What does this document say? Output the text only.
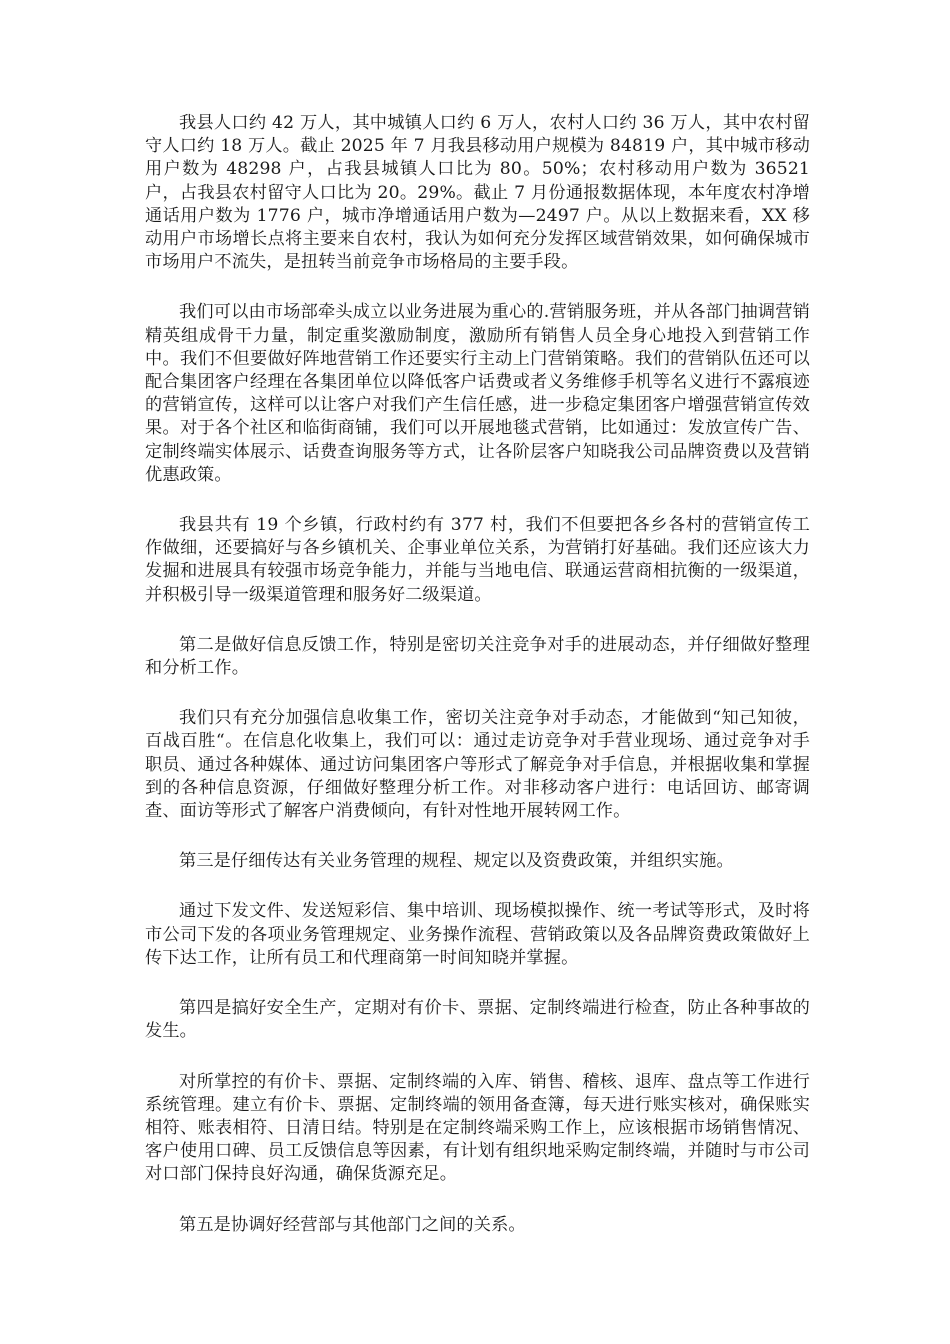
我县人口约 42 万人，其中城镇人口约 6 万人，农村人口约 36 万人，其中农村留守人口约 18 万人。截止 2025 年 7 月我县移动用户规模为 84819 户，其中城市移动用户数为 48298 户，占我县城镇人口比为 80。50%；农村移动用户数为 36521 户，占我县农村留守人口比为 20。29%。截止 7 月份通报数据体现，本年度农村净增通话用户数为 1776 户，城市净增通话用户数为—2497 户。从以上数据来看，XX 移动用户市场增长点将主要来自农村，我认为如何充分发挥区域营销效果，如何确保城市市场用户不流失，是扭转当前竞争市场格局的主要手段。

我们可以由市场部牵头成立以业务进展为重心的.营销服务班，并从各部门抽调营销精英组成骨干力量，制定重奖激励制度，激励所有销售人员全身心地投入到营销工作中。我们不但要做好阵地营销工作还要实行主动上门营销策略。我们的营销队伍还可以配合集团客户经理在各集团单位以降低客户话费或者义务维修手机等名义进行不露痕迹的营销宣传，这样可以让客户对我们产生信任感，进一步稳定集团客户增强营销宣传效果。对于各个社区和临街商铺，我们可以开展地毯式营销，比如通过：发放宣传广告、定制终端实体展示、话费查询服务等方式，让各阶层客户知晓我公司品牌资费以及营销优惠政策。

我县共有 19 个乡镇，行政村约有 377 村，我们不但要把各乡各村的营销宣传工作做细，还要搞好与各乡镇机关、企事业单位关系，为营销打好基础。我们还应该大力发掘和进展具有较强市场竞争能力，并能与当地电信、联通运营商相抗衡的一级渠道，并积极引导一级渠道管理和服务好二级渠道。

第二是做好信息反馈工作，特别是密切关注竞争对手的进展动态，并仔细做好整理和分析工作。

我们只有充分加强信息收集工作，密切关注竞争对手动态，才能做到“知己知彼，百战百胜“。在信息化收集上，我们可以：通过走访竞争对手营业现场、通过竞争对手职员、通过各种媒体、通过访问集团客户等形式了解竞争对手信息，并根据收集和掌握到的各种信息资源，仔细做好整理分析工作。对非移动客户进行：电话回访、邮寄调查、面访等形式了解客户消费倾向，有针对性地开展转网工作。

第三是仔细传达有关业务管理的规程、规定以及资费政策，并组织实施。

通过下发文件、发送短彩信、集中培训、现场模拟操作、统一考试等形式，及时将市公司下发的各项业务管理规定、业务操作流程、营销政策以及各品牌资费政策做好上传下达工作，让所有员工和代理商第一时间知晓并掌握。

第四是搞好安全生产，定期对有价卡、票据、定制终端进行检查，防止各种事故的发生。

对所掌控的有价卡、票据、定制终端的入库、销售、稽核、退库、盘点等工作进行系统管理。建立有价卡、票据、定制终端的领用备查簿，每天进行账实核对，确保账实相符、账表相符、日清日结。特别是在定制终端采购工作上，应该根据市场销售情况、客户使用口碑、员工反馈信息等因素，有计划有组织地采购定制终端，并随时与市公司对口部门保持良好沟通，确保货源充足。

第五是协调好经营部与其他部门之间的关系。
